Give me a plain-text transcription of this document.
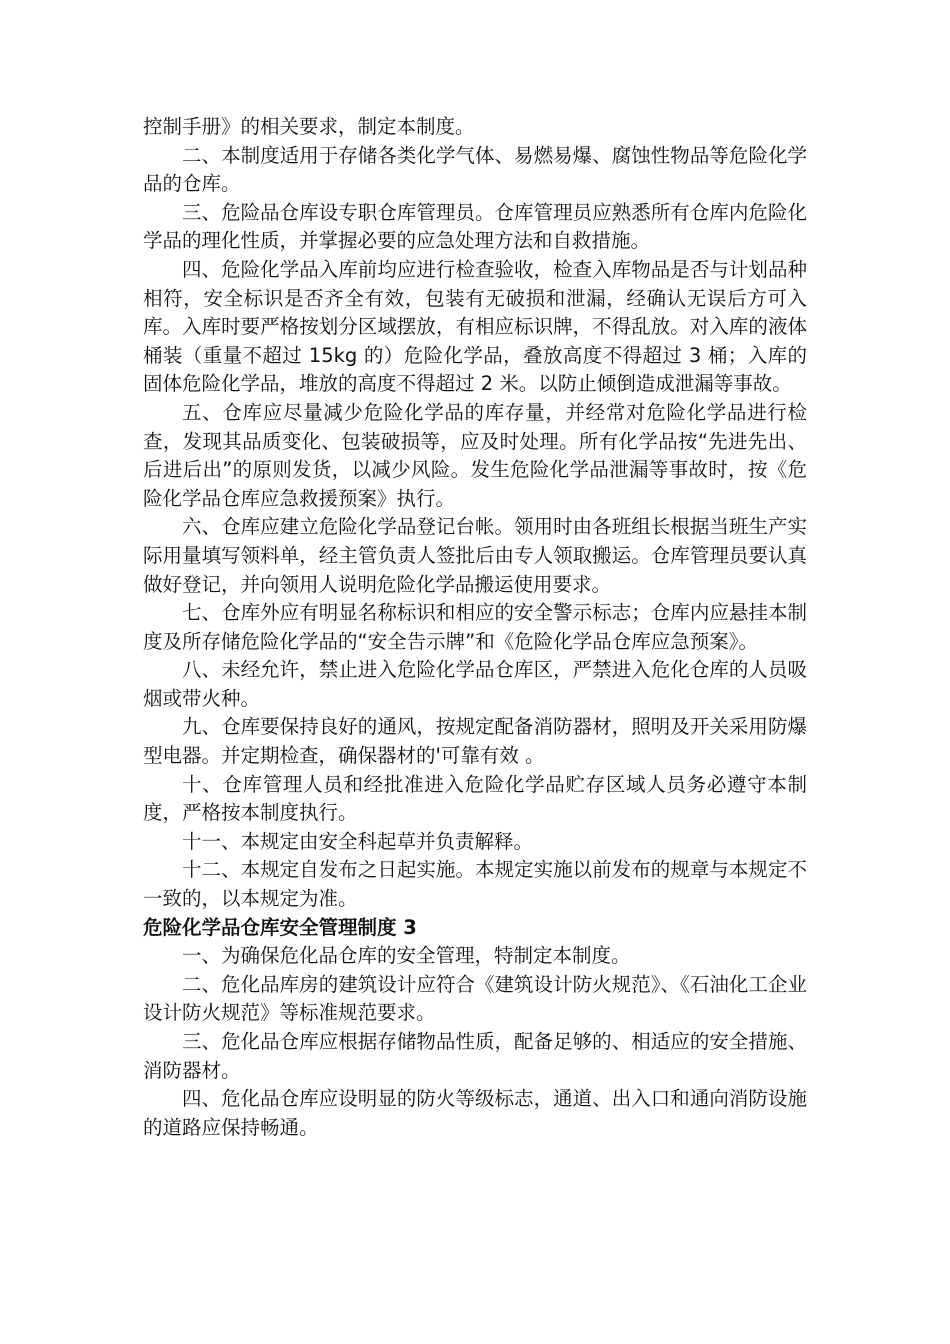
控制手册》的相关要求，制定本制度。

二、本制度适用于存储各类化学气体、易燃易爆、腐蚀性物品等危险化学品的仓库。

三、危险品仓库设专职仓库管理员。仓库管理员应熟悉所有仓库内危险化学品的理化性质，并掌握必要的应急处理方法和自救措施。

四、危险化学品入库前均应进行检查验收，检查入库物品是否与计划品种相符，安全标识是否齐全有效，包装有无破损和泄漏，经确认无误后方可入库。入库时要严格按划分区域摆放，有相应标识牌，不得乱放。对入库的液体桶装（重量不超过 15kg 的）危险化学品，叠放高度不得超过 3 桶；入库的固体危险化学品，堆放的高度不得超过 2 米。以防止倾倒造成泄漏等事故。

五、仓库应尽量减少危险化学品的库存量，并经常对危险化学品进行检查，发现其品质变化、包装破损等，应及时处理。所有化学品按“先进先出、后进后出”的原则发货，以减少风险。发生危险化学品泄漏等事故时，按《危险化学品仓库应急救援预案》执行。

六、仓库应建立危险化学品登记台帐。领用时由各班组长根据当班生产实际用量填写领料单，经主管负责人签批后由专人领取搬运。仓库管理员要认真做好登记，并向领用人说明危险化学品搬运使用要求。

七、仓库外应有明显名称标识和相应的安全警示标志；仓库内应悬挂本制度及所存储危险化学品的“安全告示牌”和《危险化学品仓库应急预案》。

八、未经允许，禁止进入危险化学品仓库区，严禁进入危化仓库的人员吸烟或带火种。

九、仓库要保持良好的通风，按规定配备消防器材，照明及开关采用防爆型电器。并定期检查，确保器材的'可靠有效 。

十、仓库管理人员和经批准进入危险化学品贮存区域人员务必遵守本制度，严格按本制度执行。

十一、本规定由安全科起草并负责解释。

十二、本规定自发布之日起实施。本规定实施以前发布的规章与本规定不一致的，以本规定为准。

危险化学品仓库安全管理制度 3

一、为确保危化品仓库的安全管理，特制定本制度。

二、危化品库房的建筑设计应符合《建筑设计防火规范》、《石油化工企业设计防火规范》等标准规范要求。

三、危化品仓库应根据存储物品性质，配备足够的、相适应的安全措施、消防器材。

四、危化品仓库应设明显的防火等级标志，通道、出入口和通向消防设施的道路应保持畅通。
